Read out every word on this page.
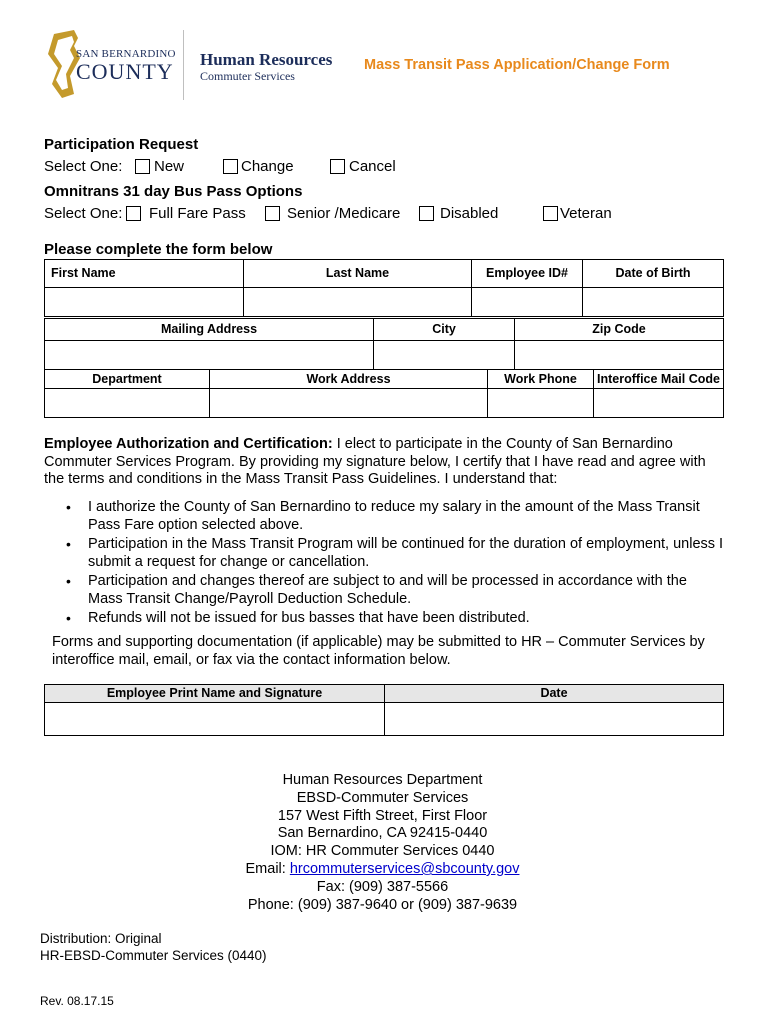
SAN BERNARDINO
COUNTY Human Resources
Commuter Services
Mass Transit Pass Application/Change Form
Participation Request
Select One: New	Change	Cancel
Omnitrans 31 day Bus Pass Options
Select One: Full Fare Pass	Senior /Medicare	Disabled	Veteran
Please complete the form below
First Name	Last Name	Employee ID#	Date of Birth

Mailing Address	City	Zip Code

Department	Work Address	Work Phone	Interoffice Mail Code

Employee Authorization and Certification: I elect to participate in the County of San Bernardino Commuter Services Program. By providing my signature below, I certify that I have read and agree with the terms and conditions in the Mass Transit Pass Guidelines. I understand that:
• I authorize the County of San Bernardino to reduce my salary in the amount of the Mass Transit Pass Fare option selected above.
• Participation in the Mass Transit Program will be continued for the duration of employment, unless I submit a request for change or cancellation.
• Participation and changes thereof are subject to and will be processed in accordance with the Mass Transit Change/Payroll Deduction Schedule.
• Refunds will not be issued for bus basses that have been distributed.
Forms and supporting documentation (if applicable) may be submitted to HR – Commuter Services by interoffice mail, email, or fax via the contact information below.
Employee Print Name and Signature	Date

Human Resources Department
EBSD-Commuter Services
157 West Fifth Street, First Floor
San Bernardino, CA 92415-0440
IOM: HR Commuter Services 0440
Email: hrcommuterservices@sbcounty.gov
Fax: (909) 387-5566
Phone: (909) 387-9640 or (909) 387-9639
Distribution: Original
HR-EBSD-Commuter Services (0440)
Rev. 08.17.15
